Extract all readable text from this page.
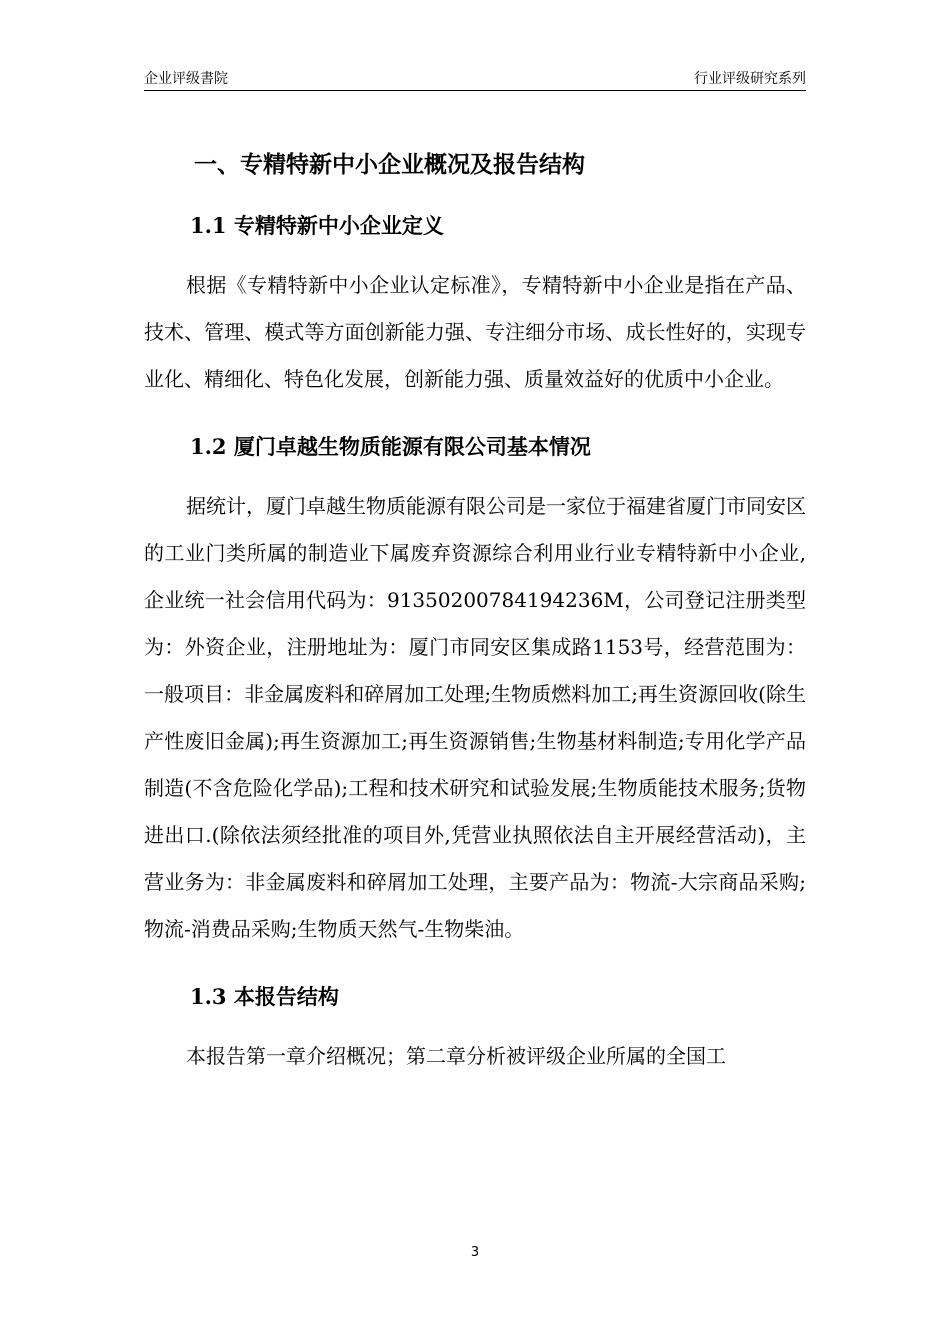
企业评级書院	行业评级研究系列
一、专精特新中小企业概况及报告结构
1.1 专精特新中小企业定义

根据《专精特新中小企业认定标准》，专精特新中小企业是指在产品、技术、管理、模式等方面创新能力强、专注细分市场、成长性好的，实现专业化、精细化、特色化发展，创新能力强、质量效益好的优质中小企业。

1.2 厦门卓越生物质能源有限公司基本情况

据统计，厦门卓越生物质能源有限公司是一家位于福建省厦门市同安区的工业门类所属的制造业下属废弃资源综合利用业行业专精特新中小企业,企业统一社会信用代码为：91350200784194236M，公司登记注册类型为：外资企业，注册地址为：厦门市同安区集成路1153号，经营范围为：一般项目：非金属废料和碎屑加工处理;生物质燃料加工;再生资源回收(除生产性废旧金属);再生资源加工;再生资源销售;生物基材料制造;专用化学产品制造(不含危险化学品);工程和技术研究和试验发展;生物质能技术服务;货物进出口.(除依法须经批准的项目外,凭营业执照依法自主开展经营活动)，主营业务为：非金属废料和碎屑加工处理，主要产品为：物流-大宗商品采购;物流-消费品采购;生物质天然气-生物柴油。

1.3 本报告结构

本报告第一章介绍概况；第二章分析被评级企业所属的全国工

3
